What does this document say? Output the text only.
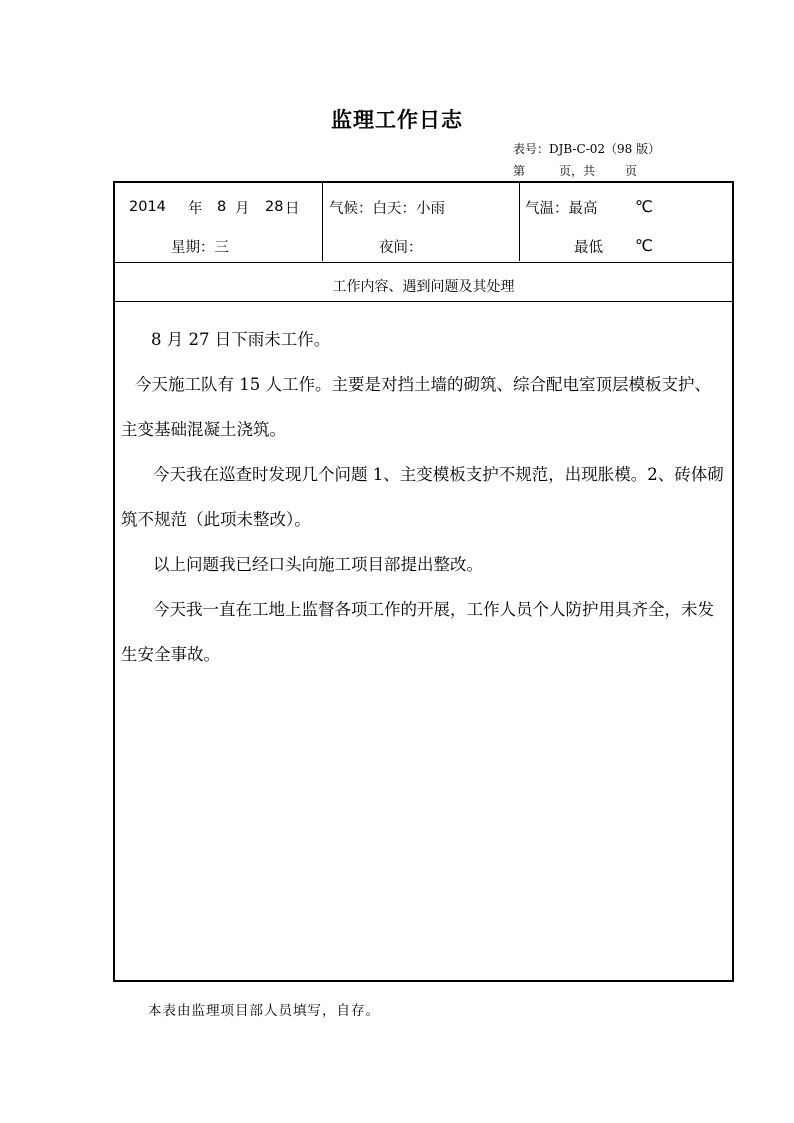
监理工作日志
表号：DJB-C-02（98 版）
第	页，共	页
2014 年 8 月 28 日
星期：三
气候：白天：小雨
夜间：
气温：最高 ℃
最低 ℃
工作内容、遇到问题及其处理

8 月 27 日下雨未工作。

今天施工队有 15 人工作。主要是对挡土墙的砌筑、综合配电室顶层模板支护、主变基础混凝土浇筑。

今天我在巡查时发现几个问题 1、主变模板支护不规范，出现胀模。2、砖体砌筑不规范（此项未整改）。

以上问题我已经口头向施工项目部提出整改。

今天我一直在工地上监督各项工作的开展，工作人员个人防护用具齐全，未发生安全事故。

本表由监理项目部人员填写，自存。
